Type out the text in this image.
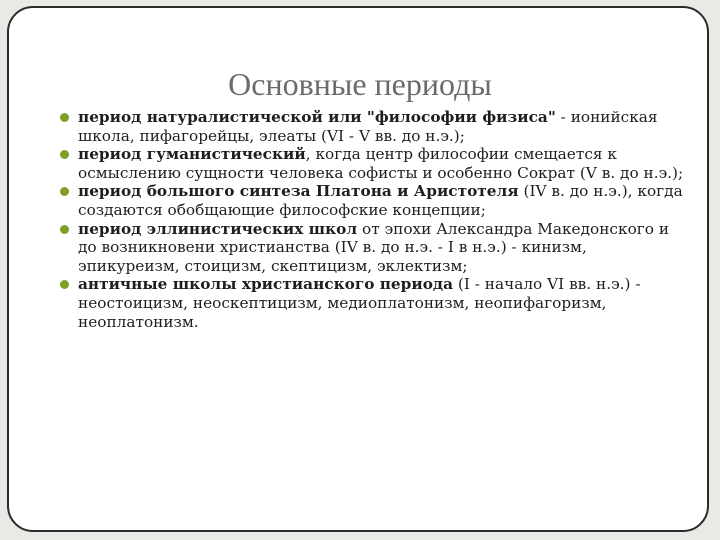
Основные периоды
период натуралистической или "философии физиса" - ионийская школа, пифагорейцы, элеаты (VI - V вв. до н.э.);
период гуманистический, когда центр философии смещается к осмыслению сущности человека софисты и особенно Сократ (V в. до н.э.);
период большого синтеза Платона и Аристотеля (IV в. до н.э.), когда создаются обобщающие философские концепции;
период эллинистических школ от эпохи Александра Македонского и до возникновени христианства (IV в. до н.э. - I в н.э.) - кинизм, эпикуреизм, стоицизм, скептицизм, эклектизм;
античные школы христианского периода (I - начало VI вв. н.э.) - неостоицизм, неоскептицизм, медиоплатонизм, неопифагоризм, неоплатонизм.
